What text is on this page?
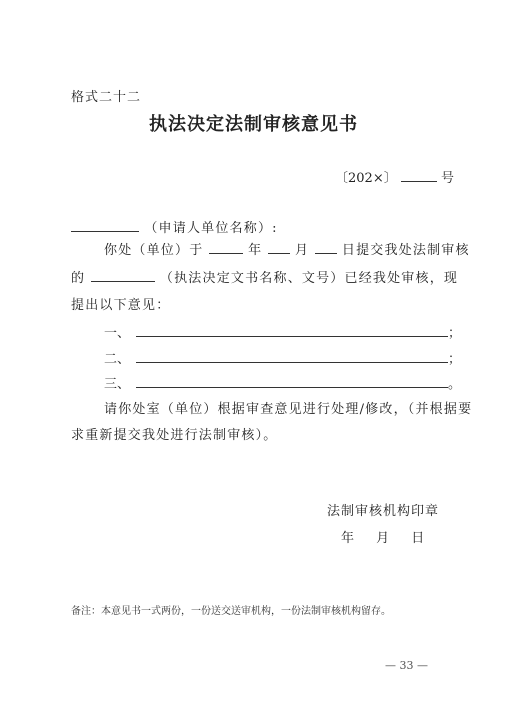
格式二十二
执法决定法制审核意见书
〔202×〕	号
（申请人单位名称）:
你处（单位）于	年	月	日提交我处法制审核
的	（执法决定文书名称、文号）已经我处审核，现
提出以下意见：
一、	；
二、	；
三、	。
请你处室（单位）根据审查意见进行处理/修改，（并根据要
求重新提交我处进行法制审核）。
法制审核机构印章
年 月 日
备注：本意见书一式两份，一份送交送审机构，一份法制审核机构留存。
— 33 —
